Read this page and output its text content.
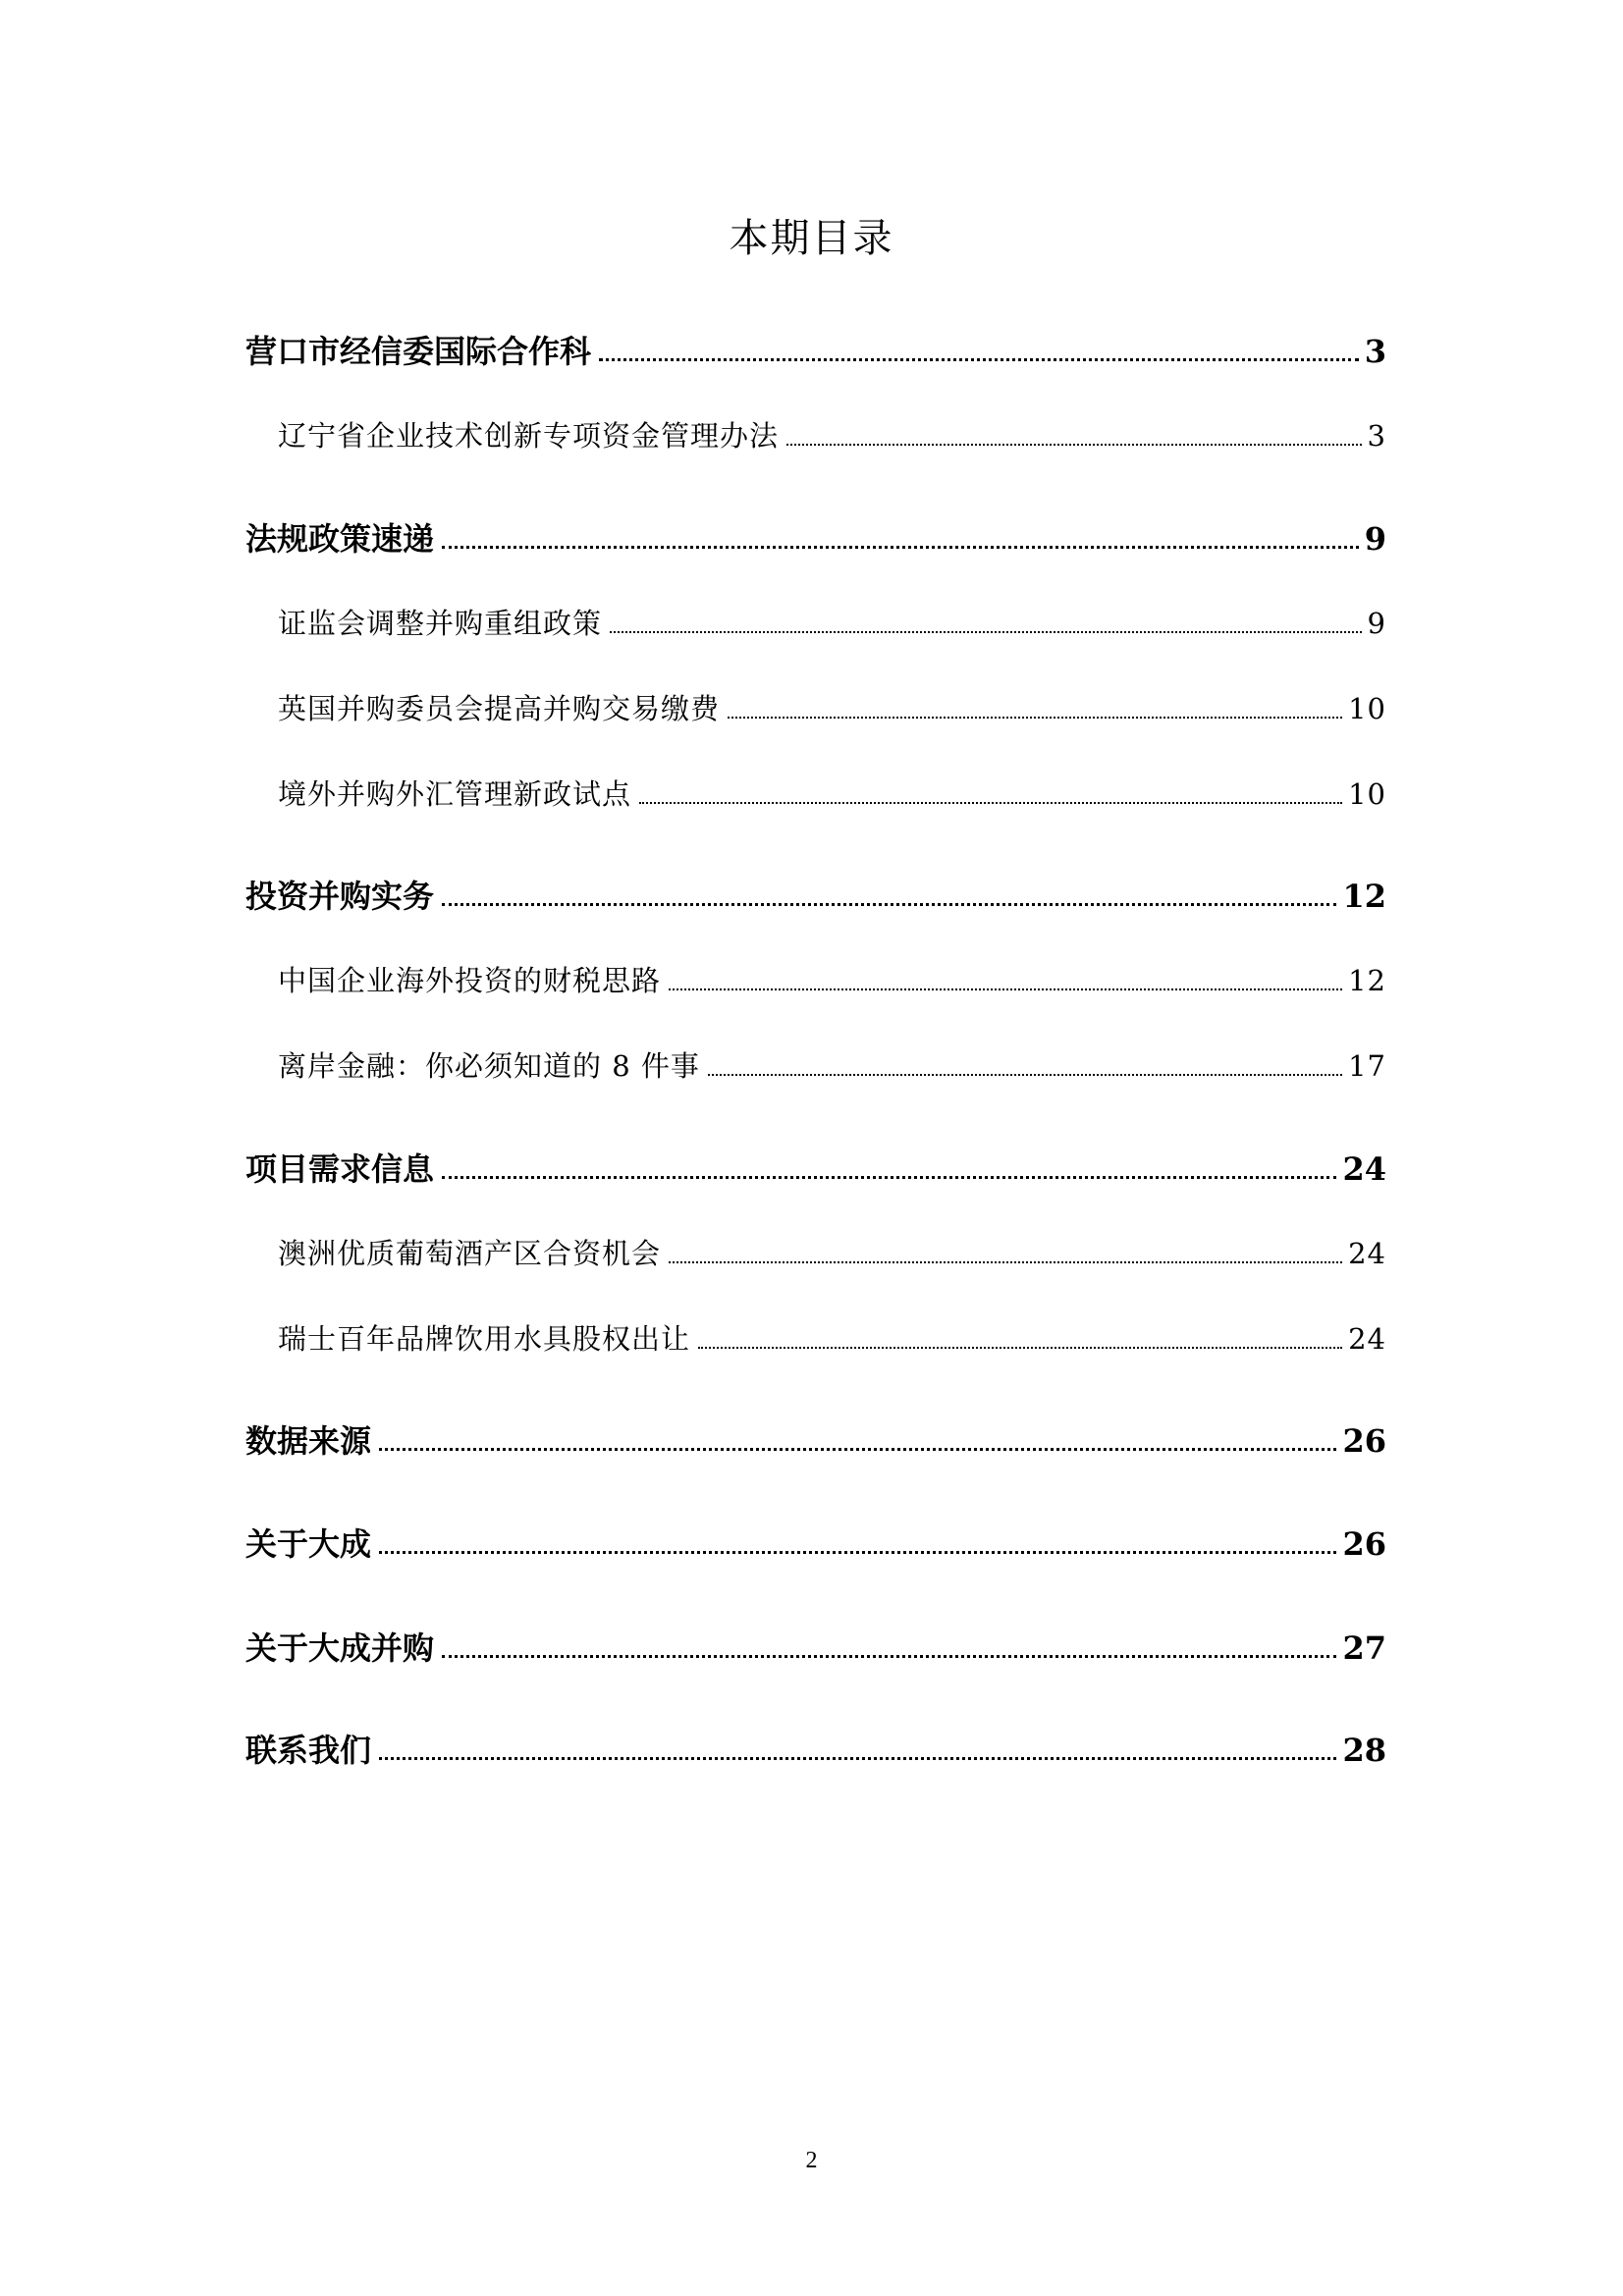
本期目录
营口市经信委国际合作科	3
辽宁省企业技术创新专项资金管理办法	3
法规政策速递	9
证监会调整并购重组政策	9
英国并购委员会提高并购交易缴费	10
境外并购外汇管理新政试点	10
投资并购实务	12
中国企业海外投资的财税思路	12
离岸金融：你必须知道的 8 件事	17
项目需求信息	24
澳洲优质葡萄酒产区合资机会	24
瑞士百年品牌饮用水具股权出让	24
数据来源	26
关于大成	26
关于大成并购	27
联系我们	28
2
